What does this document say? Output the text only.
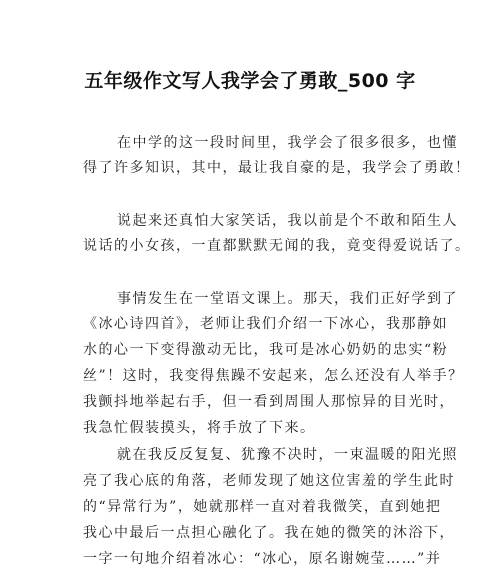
五年级作文写人我学会了勇敢_500 字
在中学的这一段时间里，我学会了很多很多，也懂
得了许多知识，其中，最让我自豪的是，我学会了勇敢！
说起来还真怕大家笑话，我以前是个不敢和陌生人
说话的小女孩，一直都默默无闻的我，竟变得爱说话了。
事情发生在一堂语文课上。那天，我们正好学到了
《冰心诗四首》，老师让我们介绍一下冰心，我那静如
水的心一下变得激动无比，我可是冰心奶奶的忠实“粉
丝”！这时，我变得焦躁不安起来，怎么还没有人举手？
我颤抖地举起右手，但一看到周围人那惊异的目光时，
我急忙假装摸头，将手放了下来。
就在我反反复复、犹豫不决时，一束温暖的阳光照
亮了我心底的角落，老师发现了她这位害羞的学生此时
的“异常行为”，她就那样一直对着我微笑，直到她把
我心中最后一点担心融化了。我在她的微笑的沐浴下，
一字一句地介绍着冰心：“冰心，原名谢婉莹……”并
